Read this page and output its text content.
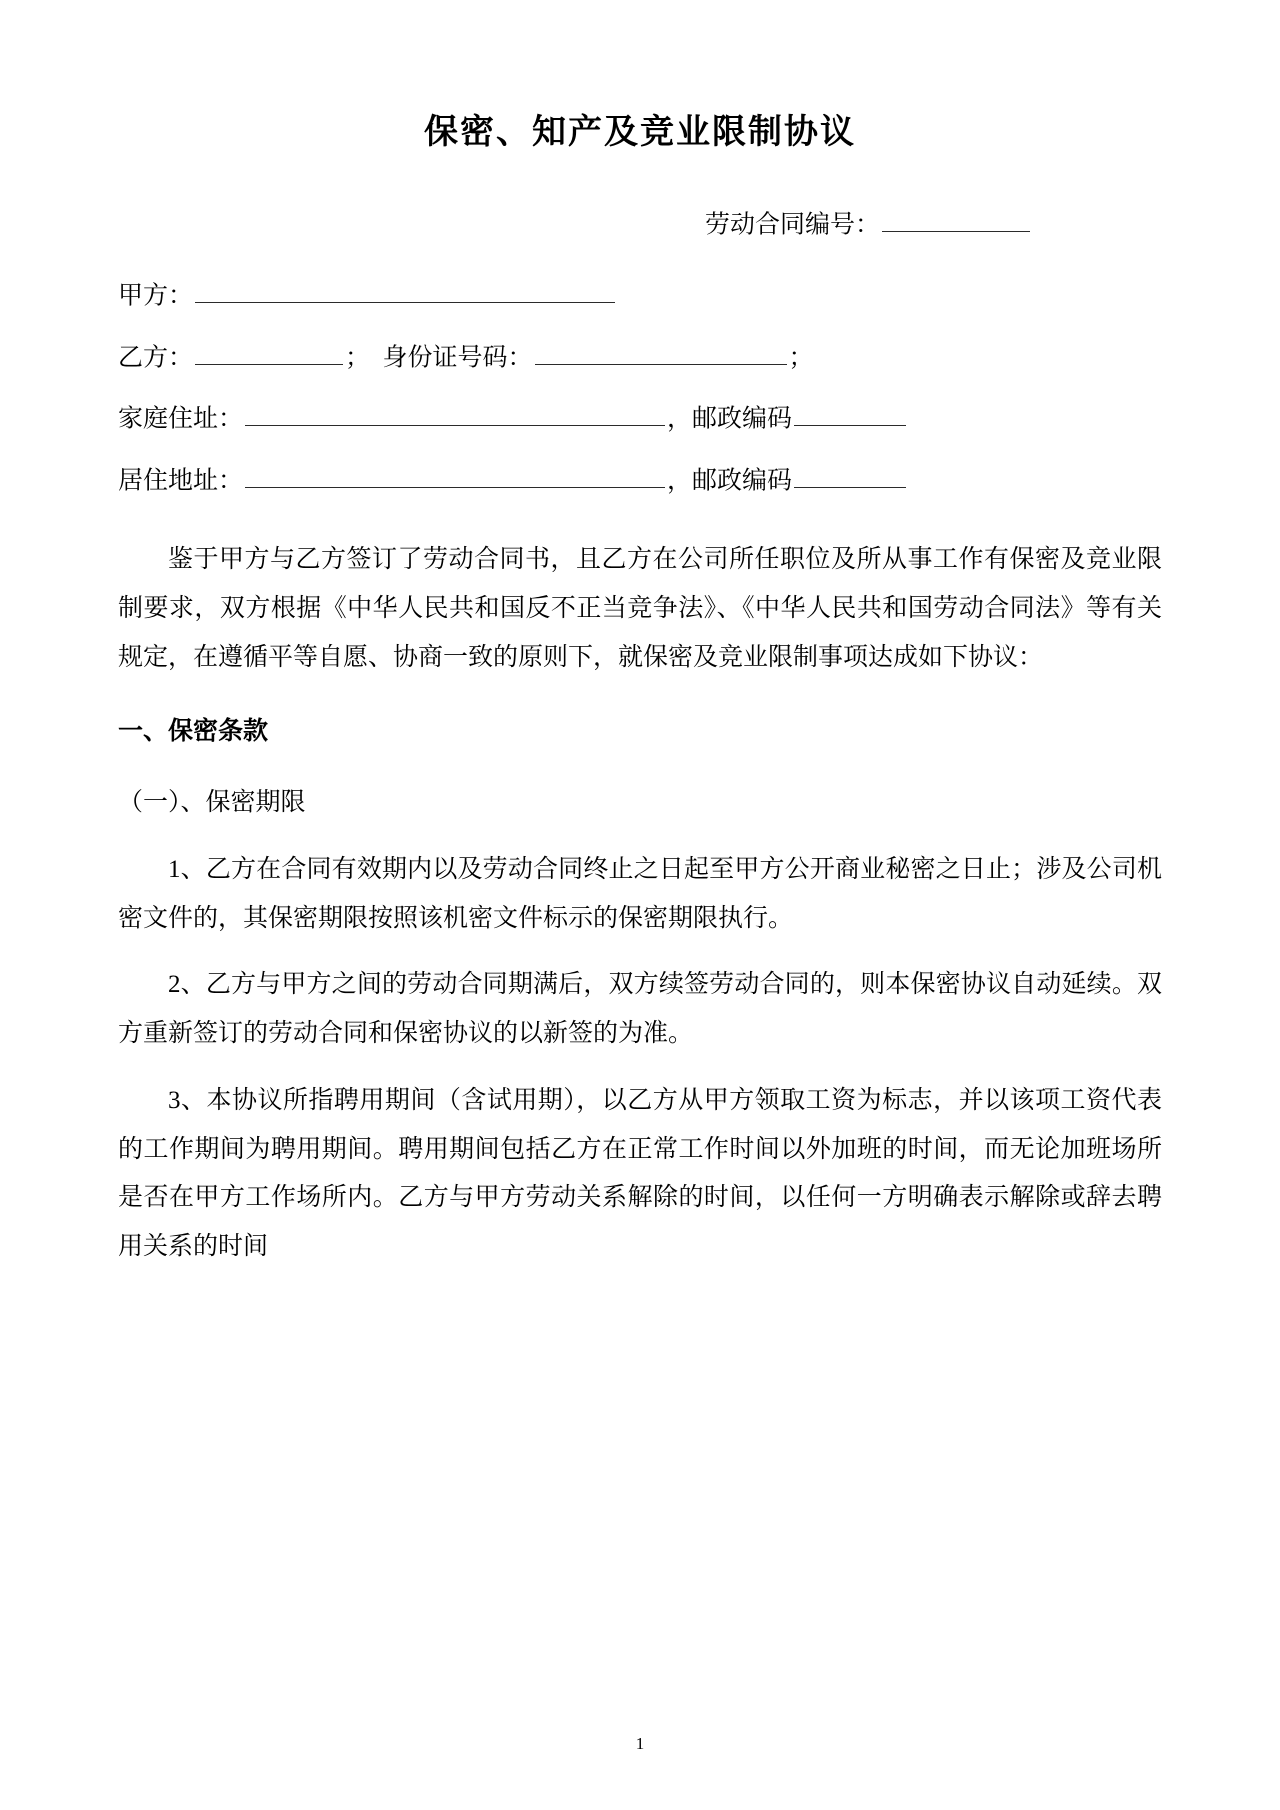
保密、知产及竞业限制协议
劳动合同编号：
甲方：
乙方：	； 身份证号码：	；
家庭住址：	，邮政编码
居住地址：	，邮政编码

鉴于甲方与乙方签订了劳动合同书，且乙方在公司所任职位及所从事工作有保密及竞业限制要求，双方根据《中华人民共和国反不正当竞争法》、《中华人民共和国劳动合同法》等有关规定，在遵循平等自愿、协商一致的原则下，就保密及竞业限制事项达成如下协议：

一、保密条款

（一）、保密期限

1、乙方在合同有效期内以及劳动合同终止之日起至甲方公开商业秘密之日止；涉及公司机密文件的，其保密期限按照该机密文件标示的保密期限执行。

2、乙方与甲方之间的劳动合同期满后，双方续签劳动合同的，则本保密协议自动延续。双方重新签订的劳动合同和保密协议的以新签的为准。

3、本协议所指聘用期间（含试用期），以乙方从甲方领取工资为标志，并以该项工资代表的工作期间为聘用期间。聘用期间包括乙方在正常工作时间以外加班的时间，而无论加班场所是否在甲方工作场所内。乙方与甲方劳动关系解除的时间，以任何一方明确表示解除或辞去聘用关系的时间

1
